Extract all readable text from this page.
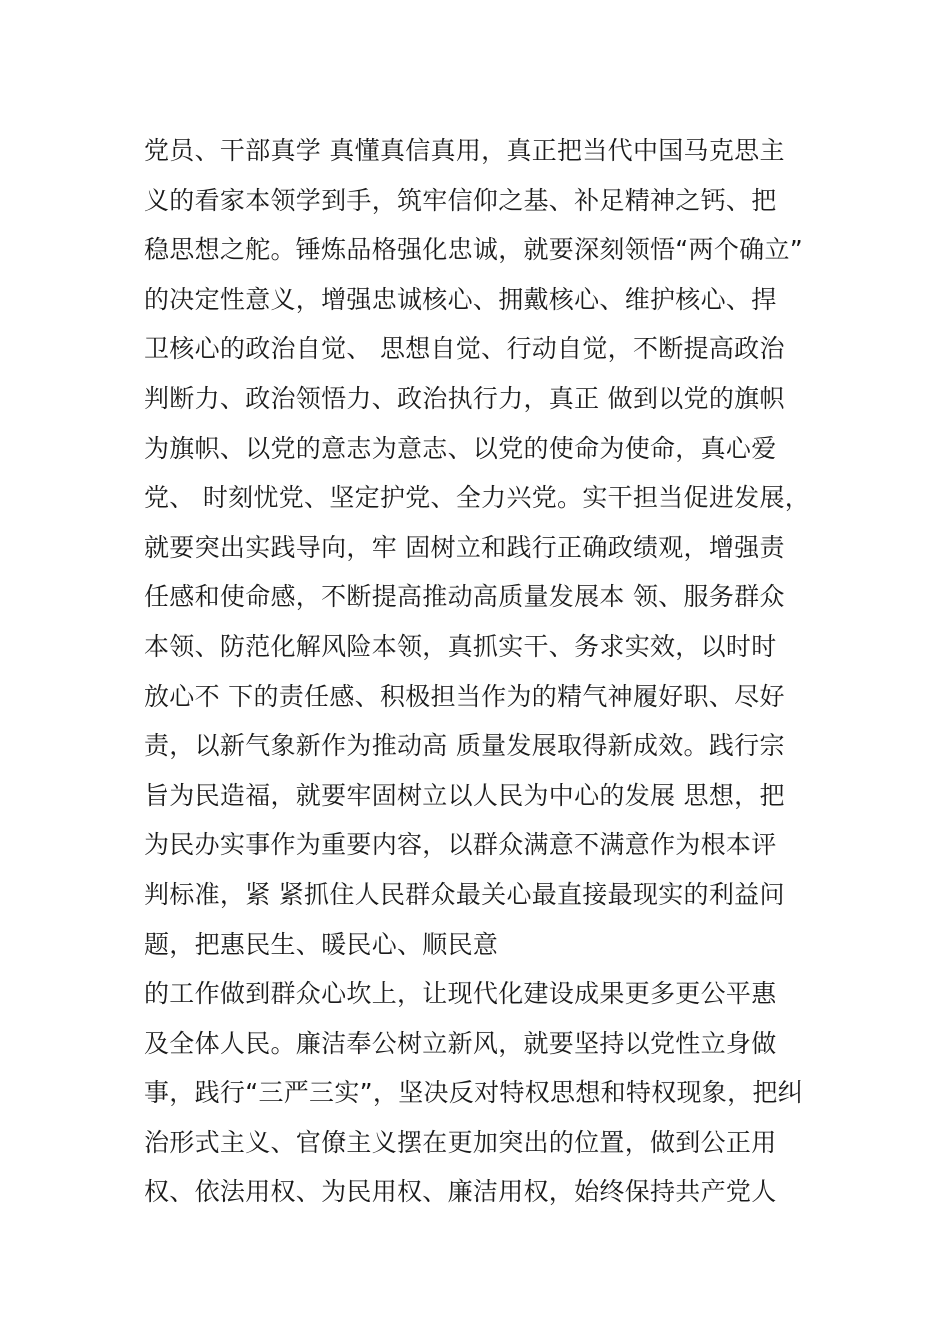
党员、干部真学 真懂真信真用，真正把当代中国马克思主
义的看家本领学到手，筑牢信仰之基、补足精神之钙、把
稳思想之舵。锤炼品格强化忠诚，就要深刻领悟“两个确立”
的决定性意义，增强忠诚核心、拥戴核心、维护核心、捍
卫核心的政治自觉、 思想自觉、行动自觉，不断提高政治
判断力、政治领悟力、政治执行力，真正 做到以党的旗帜
为旗帜、以党的意志为意志、以党的使命为使命，真心爱
党、 时刻忧党、坚定护党、全力兴党。实干担当促进发展，
就要突出实践导向，牢 固树立和践行正确政绩观，增强责
任感和使命感，不断提高推动高质量发展本 领、服务群众
本领、防范化解风险本领，真抓实干、务求实效，以时时
放心不 下的责任感、积极担当作为的精气神履好职、尽好
责，以新气象新作为推动高 质量发展取得新成效。践行宗
旨为民造福，就要牢固树立以人民为中心的发展 思想，把
为民办实事作为重要内容，以群众满意不满意作为根本评
判标准，紧 紧抓住人民群众最关心最直接最现实的利益问
题，把惠民生、暖民心、顺民意
的工作做到群众心坎上，让现代化建设成果更多更公平惠
及全体人民。廉洁奉公树立新风，就要坚持以党性立身做
事，践行“三严三实”，坚决反对特权思想和特权现象，把纠
治形式主义、官僚主义摆在更加突出的位置，做到公正用
权、依法用权、为民用权、廉洁用权，始终保持共产党人
